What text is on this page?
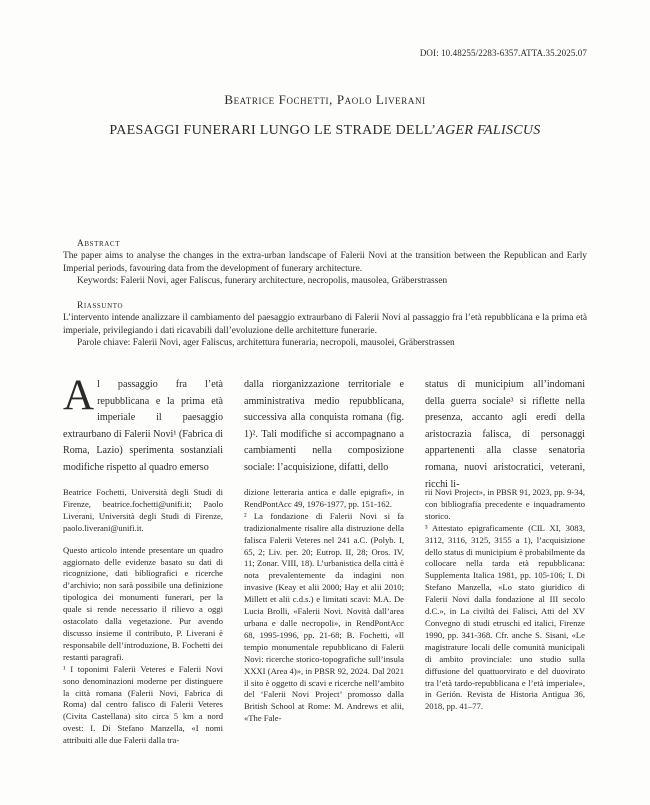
DOI: 10.48255/2283-6357.ATTA.35.2025.07
Beatrice Fochetti, Paolo Liverani
PAESAGGI FUNERARI LUNGO LE STRADE DELL’AGER FALISCUS
Abstract

The paper aims to analyse the changes in the extra-urban landscape of Falerii Novi at the transition between the Republican and Early Imperial periods, favouring data from the development of funerary architecture.

Keywords: Falerii Novi, ager Faliscus, funerary architecture, necropolis, mausolea, Gräberstrassen
Riassunto

L’intervento intende analizzare il cambiamento del paesaggio extraurbano di Falerii Novi al passaggio fra l’età repubblicana e la prima età imperiale, privilegiando i dati ricavabili dall’evoluzione delle architetture funerarie.

Parole chiave: Falerii Novi, ager Faliscus, architettura funeraria, necropoli, mausolei, Gräberstrassen
Al passaggio fra l’età repubblicana e la prima età imperiale il paesaggio extraurbano di Falerii Novi¹ (Fabrica di Roma, Lazio) sperimenta sostanziali modifiche rispetto al quadro emerso

dalla riorganizzazione territoriale e amministrativa medio repubblicana, successiva alla conquista romana (fig. 1)². Tali modifiche si accompagnano a cambiamenti nella composizione sociale: l’acquisizione, difatti, dello

status di municipium all’indomani della guerra sociale³ si riflette nella presenza, accanto agli eredi della aristocrazia falisca, di personaggi appartenenti alla classe senatoria romana, nuovi aristocratici, veterani, ricchi li-

Beatrice Fochetti, Università degli Studi di Firenze, beatrice.fochetti@unifi.it; Paolo Liverani, Università degli Studi di Firenze, paolo.liverani@unifi.it.

Questo articolo intende presentare un quadro aggiornato delle evidenze basato su dati di ricognizione, dati bibliografici e ricerche d’archivio; non sarà possibile una definizione tipologica dei monumenti funerari, per la quale si rende necessario il rilievo a oggi ostacolato dalla vegetazione. Pur avendo discusso insieme il contributo, P. Liverani è responsabile dell’introduzione, B. Fochetti dei restanti paragrafi.

¹ I toponimi Falerii Veteres e Falerii Novi sono denominazioni moderne per distinguere la città romana (Falerii Novi, Fabrica di Roma) dal centro falisco di Falerii Veteres (Civita Castellana) sito circa 5 km a nord ovest: I. Di Stefano Manzella, «I nomi attribuiti alle due Falerii dalla tra-

dizione letteraria antica e dalle epigrafi», in RendPontAcc 49, 1976-1977, pp. 151-162.

² La fondazione di Falerii Novi si fa tradizionalmente risalire alla distruzione della falisca Falerii Veteres nel 241 a.C. (Polyb. I, 65, 2; Liv. per. 20; Eutrop. II, 28; Oros. IV, 11; Zonar. VIII, 18). L’urbanistica della città è nota prevalentemente da indagini non invasive (Keay et alii 2000; Hay et alii 2010; Millett et alii c.d.s.) e limitati scavi: M.A. De Lucia Brolli, «Falerii Novi. Novità dall’area urbana e dalle necropoli», in RendPontAcc 68, 1995-1996, pp. 21-68; B. Fochetti, «Il tempio monumentale repubblicano di Falerii Novi: ricerche storico-topografiche sull’insula XXXI (Area 4)», in PBSR 92, 2024. Dal 2021 il sito è oggetto di scavi e ricerche nell’ambito del ‘Falerii Novi Project’ promosso dalla British School at Rome: M. Andrews et alii, «The Fale-

rii Novi Project», in PBSR 91, 2023, pp. 9-34, con bibliografia precedente e inquadramento storico.

³ Attestato epigraficamente (CIL XI, 3083, 3112, 3116, 3125, 3155 a 1), l’acquisizione dello status di municipium è probabilmente da collocare nella tarda età repubblicana: Supplementa Italica 1981, pp. 105-106; I. Di Stefano Manzella, «Lo stato giuridico di Falerii Novi dalla fondazione al III secolo d.C.», in La civiltà dei Falisci, Atti del XV Convegno di studi etruschi ed italici, Firenze 1990, pp. 341-368. Cfr. anche S. Sisani, «Le magistrature locali delle comunità municipali di ambito provinciale: uno studio sulla diffusione del quattuorvirato e del duovirato tra l’età tardo-repubblicana e l’età imperiale», in Gerión. Revista de Historia Antigua 36, 2018, pp. 41–77.
